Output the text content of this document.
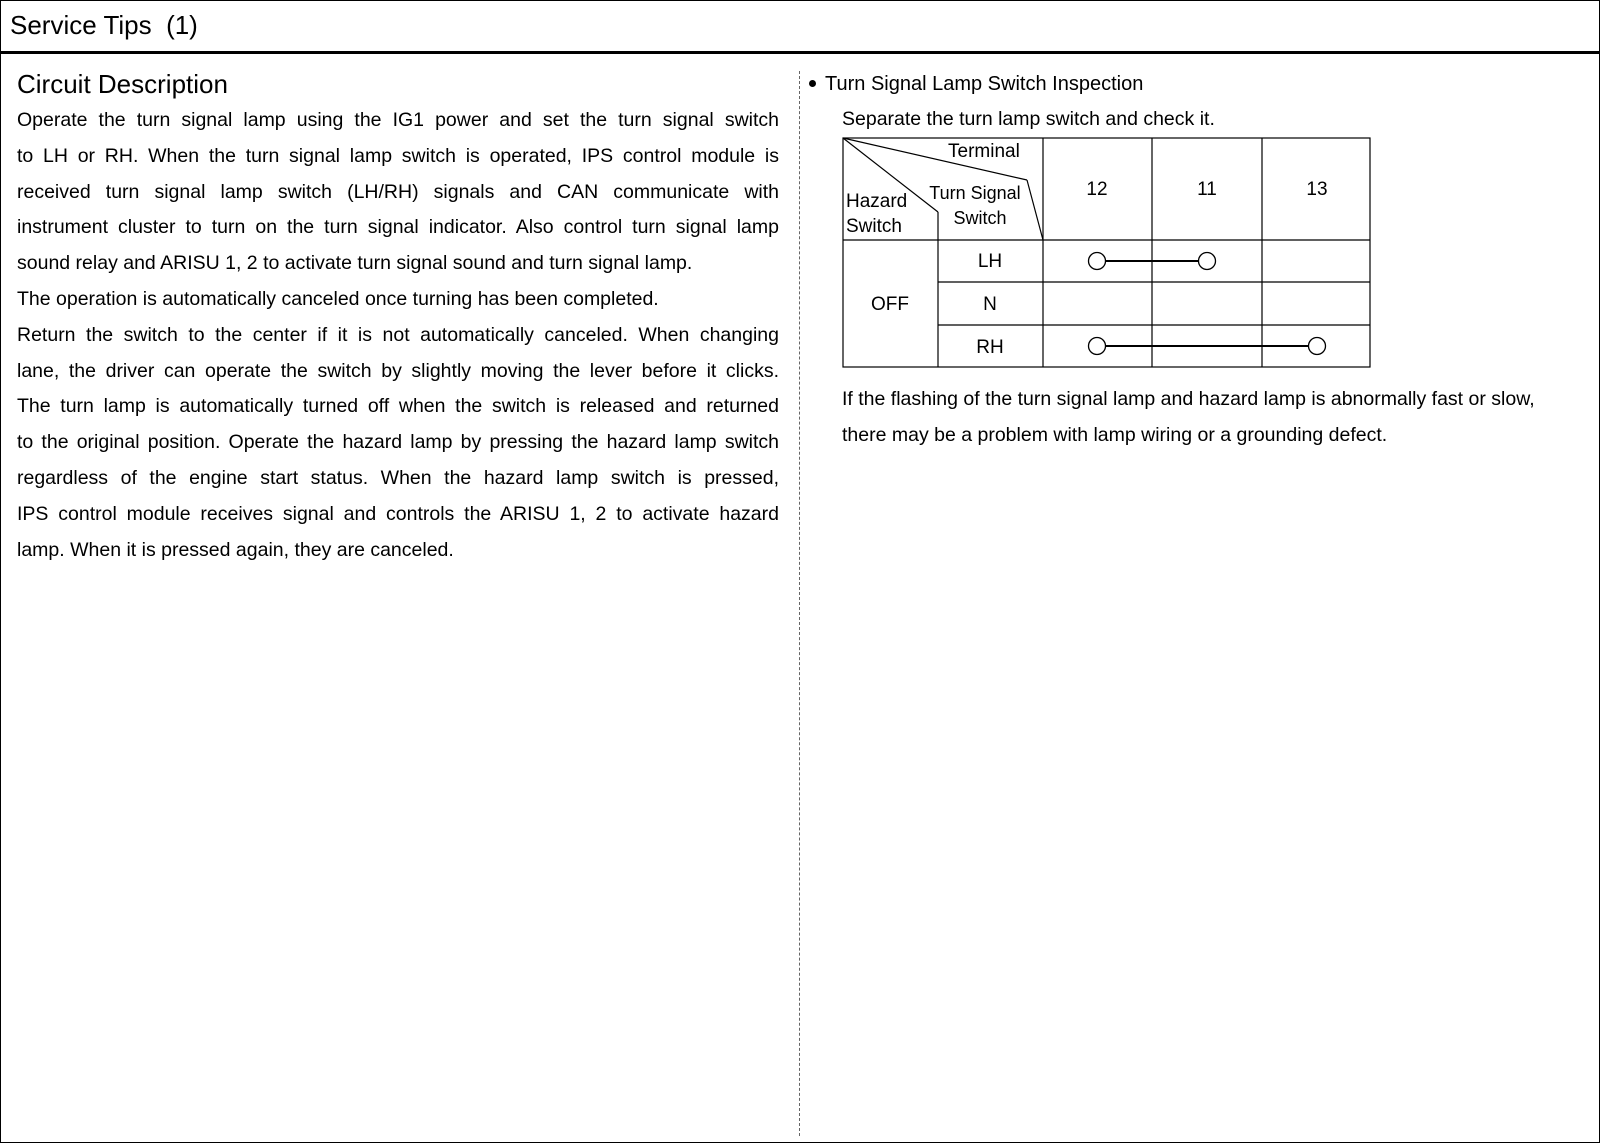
Service Tips (1)
Circuit Description
Operate the turn signal lamp using the IG1 power and set the turn signal switch
to LH or RH. When the turn signal lamp switch is operated, IPS control module is
received turn signal lamp switch (LH/RH) signals and CAN communicate with
instrument cluster to turn on the turn signal indicator. Also control turn signal lamp
sound relay and ARISU 1, 2 to activate turn signal sound and turn signal lamp.
The operation is automatically canceled once turning has been completed.
Return the switch to the center if it is not automatically canceled. When changing
lane, the driver can operate the switch by slightly moving the lever before it clicks.
The turn lamp is automatically turned off when the switch is released and returned
to the original position. Operate the hazard lamp by pressing the hazard lamp switch
regardless of the engine start status. When the hazard lamp switch is pressed,
IPS control module receives signal and controls the ARISU 1, 2 to activate hazard
lamp. When it is pressed again, they are canceled.
Turn Signal Lamp Switch Inspection
Separate the turn lamp switch and check it.
Terminal
Turn Signal
Switch
Hazard
Switch
12	11	13
OFF
LH
N
RH
If the flashing of the turn signal lamp and hazard lamp is abnormally fast or slow,
there may be a problem with lamp wiring or a grounding defect.
